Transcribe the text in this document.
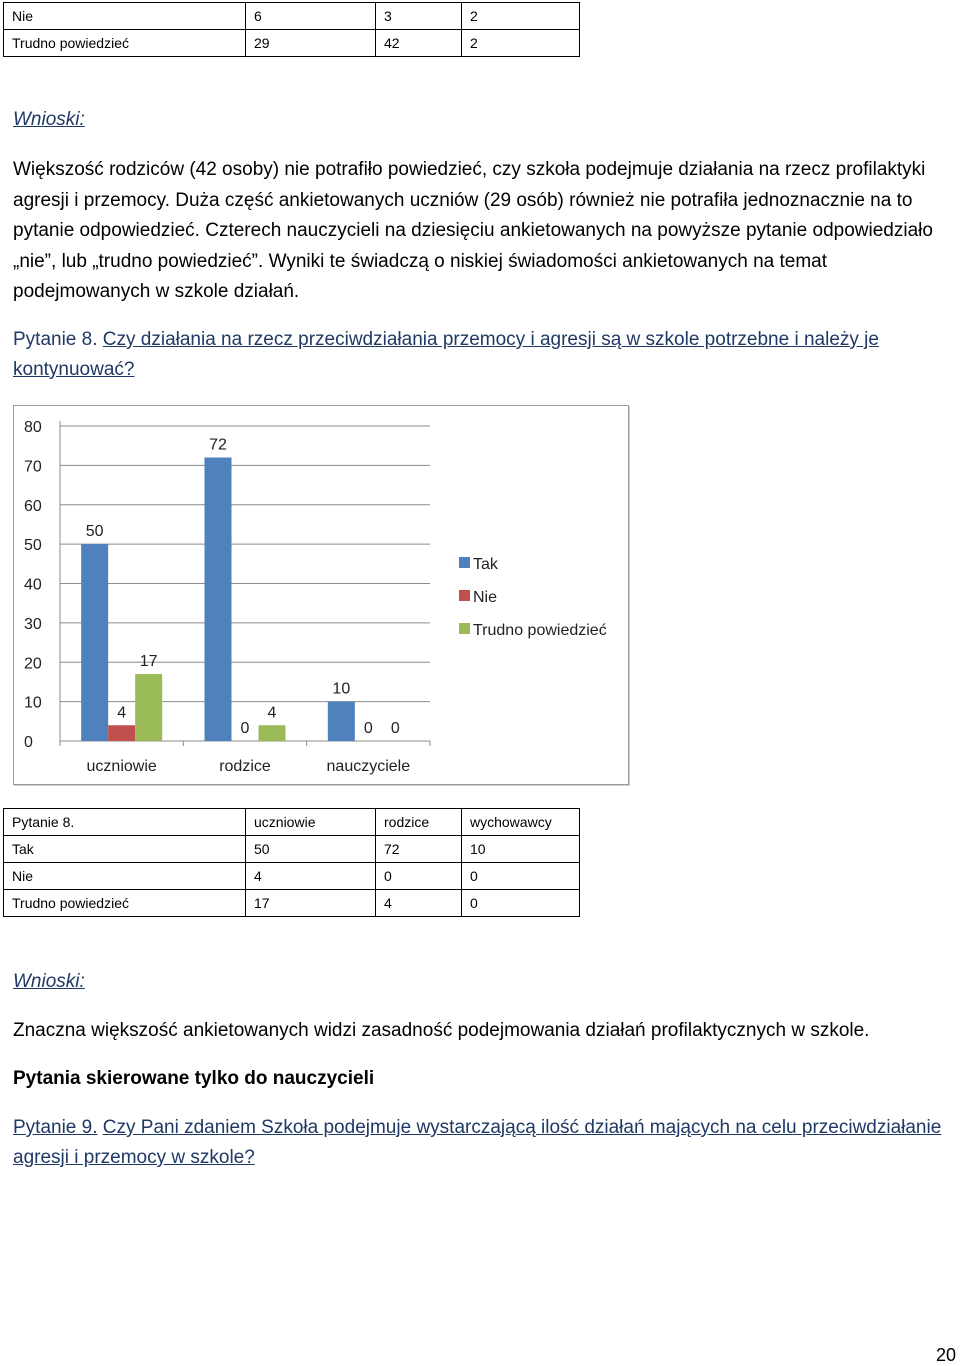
Nie	6	3	2
Trudno powiedzieć	29	42	2

Wnioski:

Większość rodziców (42 osoby) nie potrafiło powiedzieć, czy szkoła podejmuje działania na rzecz profilaktyki agresji i przemocy. Duża część ankietowanych uczniów (29 osób) również nie potrafiła jednoznacznie na to pytanie odpowiedzieć. Czterech nauczycieli na dziesięciu ankietowanych na powyższe pytanie odpowiedziało „nie”, lub „trudno powiedzieć”. Wyniki te świadczą o niskiej świadomości ankietowanych na temat podejmowanych w szkole działań.

Pytanie 8. Czy działania na rzecz przeciwdziałania przemocy i agresji są w szkole potrzebne i należy je kontynuować?

0
10
20
30
40
50
60
70
80
50
4
17
uczniowie
72
0
4
rodzice
10
0 0
nauczyciele
Tak
Nie
Trudno powiedzieć
Pytanie 8.	uczniowie	rodzice	wychowawcy
Tak	50	72	10
Nie	4	0	0
Trudno powiedzieć	17	4	0

Wnioski:

Znaczna większość ankietowanych widzi zasadność podejmowania działań profilaktycznych w szkole.

Pytania skierowane tylko do nauczycieli

Pytanie 9. Czy Pani zdaniem Szkoła podejmuje wystarczającą ilość działań mających na celu przeciwdziałanie agresji i przemocy w szkole?

20
